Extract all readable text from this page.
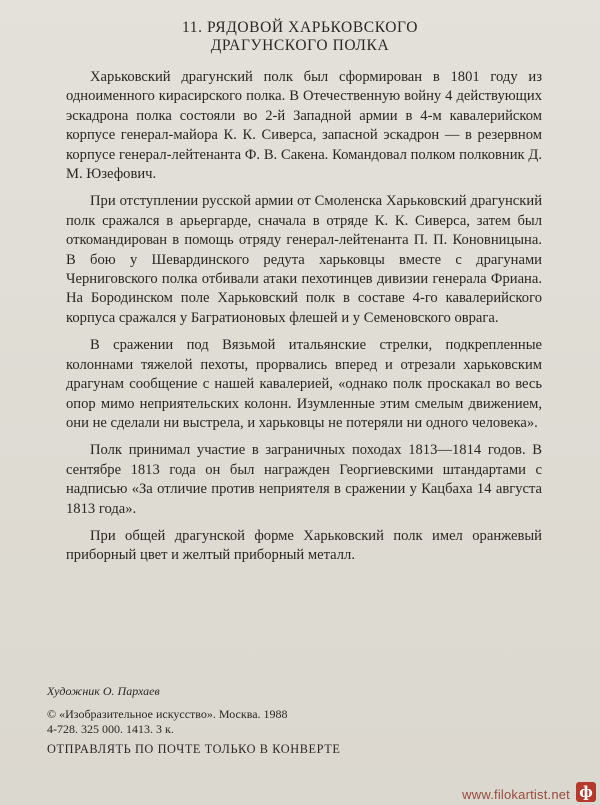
11. РЯДОВОЙ ХАРЬКОВСКОГО
ДРАГУНСКОГО ПОЛКА

Харьковский драгунский полк был сформирован в 1801 году из одноименного кирасирского полка. В Отечественную войну 4 действующих эскадрона полка состояли во 2-й Западной армии в 4-м кавалерийском корпусе генерал-майора К. К. Сиверса, запасной эскадрон — в резервном корпусе генерал-лейтенанта Ф. В. Сакена. Командовал полком полковник Д. М. Юзефович.

При отступлении русской армии от Смоленска Харьковский драгунский полк сражался в арьергарде, сначала в отряде К. К. Сиверса, затем был откомандирован в помощь отряду генерал-лейтенанта П. П. Коновницына. В бою у Шевардинского редута харьковцы вместе с драгунами Черниговского полка отбивали атаки пехотинцев дивизии генерала Фриана. На Бородинском поле Харьковский полк в составе 4-го кавалерийского корпуса сражался у Багратионовых флешей и у Семеновского оврага.

В сражении под Вязьмой итальянские стрелки, подкрепленные колоннами тяжелой пехоты, прорвались вперед и отрезали харьковским драгунам сообщение с нашей кавалерией, «однако полк проскакал во весь опор мимо неприятельских колонн. Изумленные этим смелым движением, они не сделали ни выстрела, и харьковцы не потеряли ни одного человека».

Полк принимал участие в заграничных походах 1813—1814 годов. В сентябре 1813 года он был награжден Георгиевскими штандартами с надписью «За отличие против неприятеля в сражении у Кацбаха 14 августа 1813 года».

При общей драгунской форме Харьковский полк имел оранжевый приборный цвет и желтый приборный металл.

Художник О. Пархаев
© «Изобразительное искусство». Москва. 1988
4-728. 325 000. 1413. 3 к.
ОТПРАВЛЯТЬ ПО ПОЧТЕ ТОЛЬКО В КОНВЕРТЕ
www.filokartist.net ф
